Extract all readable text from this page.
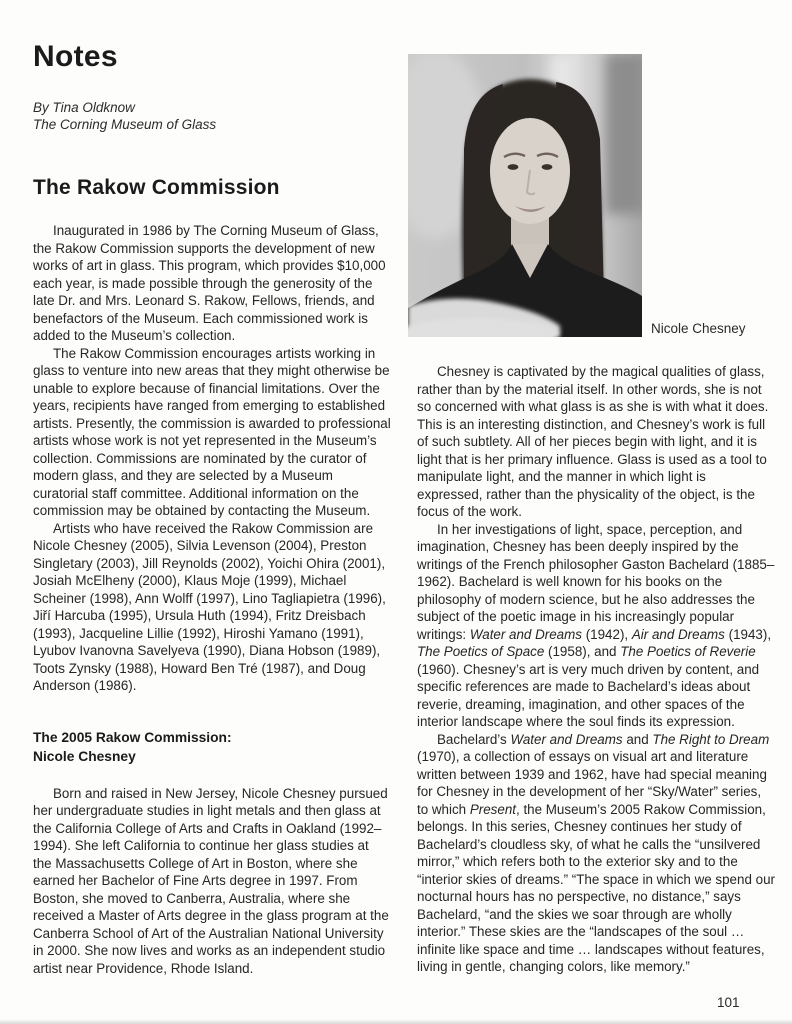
Notes
By Tina Oldknow
The Corning Museum of Glass
Nicole Chesney
The Rakow Commission

Inaugurated in 1986 by The Corning Museum of Glass, the Rakow Commission supports the development of new works of art in glass. This program, which provides $10,000 each year, is made possible through the generosity of the late Dr. and Mrs. Leonard S. Rakow, Fellows, friends, and benefactors of the Museum. Each commissioned work is added to the Museum’s collection.

The Rakow Commission encourages artists working in glass to venture into new areas that they might otherwise be unable to explore because of financial limitations. Over the years, recipients have ranged from emerging to established artists. Presently, the commission is awarded to professional artists whose work is not yet represented in the Museum’s collection. Commissions are nominated by the curator of modern glass, and they are selected by a Museum curatorial staff committee. Additional information on the commission may be obtained by contacting the Museum.

Artists who have received the Rakow Commission are Nicole Chesney (2005), Silvia Levenson (2004), Preston Singletary (2003), Jill Reynolds (2002), Yoichi Ohira (2001), Josiah McElheny (2000), Klaus Moje (1999), Michael Scheiner (1998), Ann Wolff (1997), Lino Tagliapietra (1996), Jiří Harcuba (1995), Ursula Huth (1994), Fritz Dreisbach (1993), Jacqueline Lillie (1992), Hiroshi Yamano (1991), Lyubov Ivanovna Savelyeva (1990), Diana Hobson (1989), Toots Zynsky (1988), Howard Ben Tré (1987), and Doug Anderson (1986).

The 2005 Rakow Commission:
Nicole Chesney

Born and raised in New Jersey, Nicole Chesney pursued her undergraduate studies in light metals and then glass at the California College of Arts and Crafts in Oakland (1992–1994). She left California to continue her glass studies at the Massachusetts College of Art in Boston, where she earned her Bachelor of Fine Arts degree in 1997. From Boston, she moved to Canberra, Australia, where she received a Master of Arts degree in the glass program at the Canberra School of Art of the Australian National University in 2000. She now lives and works as an independent studio artist near Providence, Rhode Island.

Chesney is captivated by the magical qualities of glass, rather than by the material itself. In other words, she is not so concerned with what glass is as she is with what it does. This is an interesting distinction, and Chesney’s work is full of such subtlety. All of her pieces begin with light, and it is light that is her primary influence. Glass is used as a tool to manipulate light, and the manner in which light is expressed, rather than the physicality of the object, is the focus of the work.

In her investigations of light, space, perception, and imagination, Chesney has been deeply inspired by the writings of the French philosopher Gaston Bachelard (1885–1962). Bachelard is well known for his books on the philosophy of modern science, but he also addresses the subject of the poetic image in his increasingly popular writings: Water and Dreams (1942), Air and Dreams (1943), The Poetics of Space (1958), and The Poetics of Reverie (1960). Chesney’s art is very much driven by content, and specific references are made to Bachelard’s ideas about reverie, dreaming, imagination, and other spaces of the interior landscape where the soul finds its expression.

Bachelard’s Water and Dreams and The Right to Dream (1970), a collection of essays on visual art and literature written between 1939 and 1962, have had special meaning for Chesney in the development of her “Sky/Water” series, to which Present, the Museum’s 2005 Rakow Commission, belongs. In this series, Chesney continues her study of Bachelard’s cloudless sky, of what he calls the “unsilvered mirror,” which refers both to the exterior sky and to the “interior skies of dreams.” “The space in which we spend our nocturnal hours has no perspective, no distance,” says Bachelard, “and the skies we soar through are wholly interior.” These skies are the “landscapes of the soul … infinite like space and time … landscapes without features, living in gentle, changing colors, like memory.”

101
